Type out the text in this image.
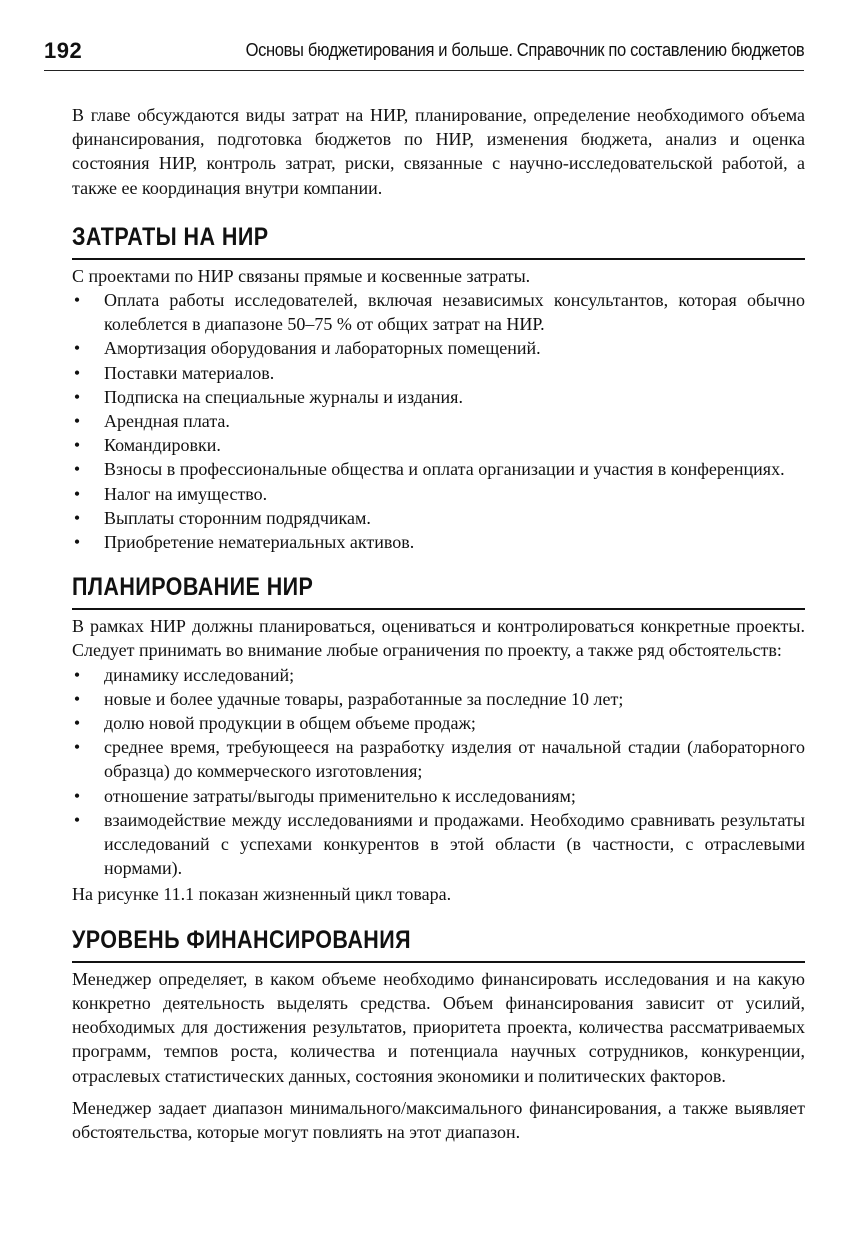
192	Основы бюджетирования и больше. Справочник по составлению бюджетов

В главе обсуждаются виды затрат на НИР, планирование, определение необходимого объема финансирования, подготовка бюджетов по НИР, изменения бюджета, анализ и оценка состояния НИР, контроль затрат, риски, связанные с научно-исследовательской работой, а также ее координация внутри компании.

ЗАТРАТЫ НА НИР

С проектами по НИР связаны прямые и косвенные затраты.

• Оплата работы исследователей, включая независимых консультантов, которая обычно колеблется в диапазоне 50–75 % от общих затрат на НИР.
• Амортизация оборудования и лабораторных помещений.
• Поставки материалов.
• Подписка на специальные журналы и издания.
• Арендная плата.
• Командировки.
• Взносы в профессиональные общества и оплата организации и участия в конференциях.
• Налог на имущество.
• Выплаты сторонним подрядчикам.
• Приобретение нематериальных активов.
ПЛАНИРОВАНИЕ НИР

В рамках НИР должны планироваться, оцениваться и контролироваться конкретные проекты. Следует принимать во внимание любые ограничения по проекту, а также ряд обстоятельств:

• динамику исследований;
• новые и более удачные товары, разработанные за последние 10 лет;
• долю новой продукции в общем объеме продаж;
• среднее время, требующееся на разработку изделия от начальной стадии (лабораторного образца) до коммерческого изготовления;
• отношение затраты/выгоды применительно к исследованиям;
• взаимодействие между исследованиями и продажами. Необходимо сравнивать результаты исследований с успехами конкурентов в этой области (в частности, с отраслевыми нормами).

На рисунке 11.1 показан жизненный цикл товара.

УРОВЕНЬ ФИНАНСИРОВАНИЯ

Менеджер определяет, в каком объеме необходимо финансировать исследования и на какую конкретно деятельность выделять средства. Объем финансирования зависит от усилий, необходимых для достижения результатов, приоритета проекта, количества рассматриваемых программ, темпов роста, количества и потенциала научных сотрудников, конкуренции, отраслевых статистических данных, состояния экономики и политических факторов.

Менеджер задает диапазон минимального/максимального финансирования, а также выявляет обстоятельства, которые могут повлиять на этот диапазон.
